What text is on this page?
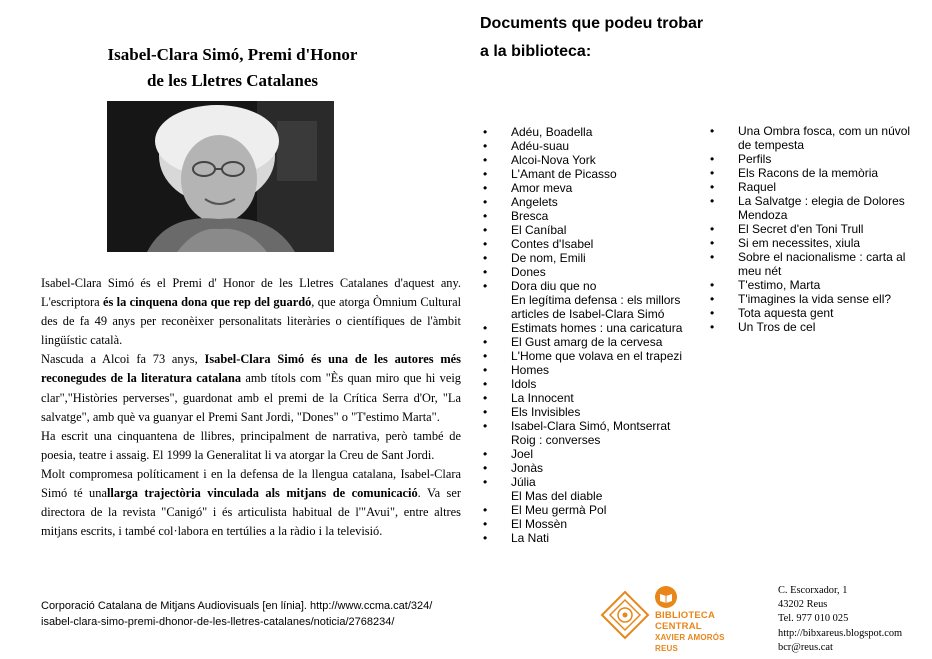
Isabel-Clara Simó, Premi d'Honor
de les Lletres Catalanes

Isabel-Clara Simó és el Premi d' Honor de les Lletres Catalanes d'aquest any. L'escriptora és la cinquena dona que rep del guardó, que atorga Òmnium Cultural des de fa 49 anys per reconèixer personalitats literàries o científiques de l'àmbit lingüístic català.

Nascuda a Alcoi fa 73 anys, Isabel-Clara Simó és una de les autores més reconegudes de la literatura catalana amb títols com "Ès quan miro que hi veig clar","Històries perverses", guardonat amb el premi de la Crítica Serra d'Or, "La salvatge", amb què va guanyar el Premi Sant Jordi, "Dones" o "T'estimo Marta".

Ha escrit una cinquantena de llibres, principalment de narrativa, però també de poesia, teatre i assaig. El 1999 la Generalitat li va atorgar la Creu de Sant Jordi.

Molt compromesa políticament i en la defensa de la llengua catalana, Isabel-Clara Simó té unallarga trajectòria vinculada als mitjans de comunicació. Va ser directora de la revista "Canigó" i és articulista habitual de l'"Avui", entre altres mitjans escrits, i també col·labora en tertúlies a la ràdio i la televisió.

Corporació Catalana de Mitjans Audiovisuals [en línia]. http://www.ccma.cat/324/
isabel-clara-simo-premi-dhonor-de-les-lletres-catalanes/noticia/2768234/
Documents que podeu trobar
a la biblioteca:
• Adéu, Boadella
• Adéu-suau
• Alcoi-Nova York
• L'Amant de Picasso
• Amor meva
• Angelets
• Bresca
• El Caníbal
• Contes d'Isabel
• De nom, Emili
• Dones
• Dora diu que no
En legítima defensa : els millors
articles de Isabel-Clara Simó
• Estimats homes : una caricatura
• El Gust amarg de la cervesa
• L'Home que volava en el trapezi
• Homes
• Idols
• La Innocent
• Els Invisibles
• Isabel-Clara Simó, Montserrat
Roig : converses
• Joel
• Jonàs
• Júlia
El Mas del diable
• El Meu germà Pol
• El Mossèn
• La Nati
• Una Ombra fosca, com un núvol
de tempesta
• Perfils
• Els Racons de la memòria
• Raquel
• La Salvatge : elegia de Dolores
Mendoza
• El Secret d'en Toni Trull
• Si em necessites, xiula
• Sobre el nacionalisme : carta al
meu nét
• T'estimo, Marta
• T'imagines la vida sense ell?
• Tota aquesta gent
• Un Tros de cel
BIBLIOTECA CENTRAL
XAVIER AMORÓS
REUS
C. Escorxador, 1
43202 Reus
Tel. 977 010 025
http://bibxareus.blogspot.com
bcr@reus.cat
